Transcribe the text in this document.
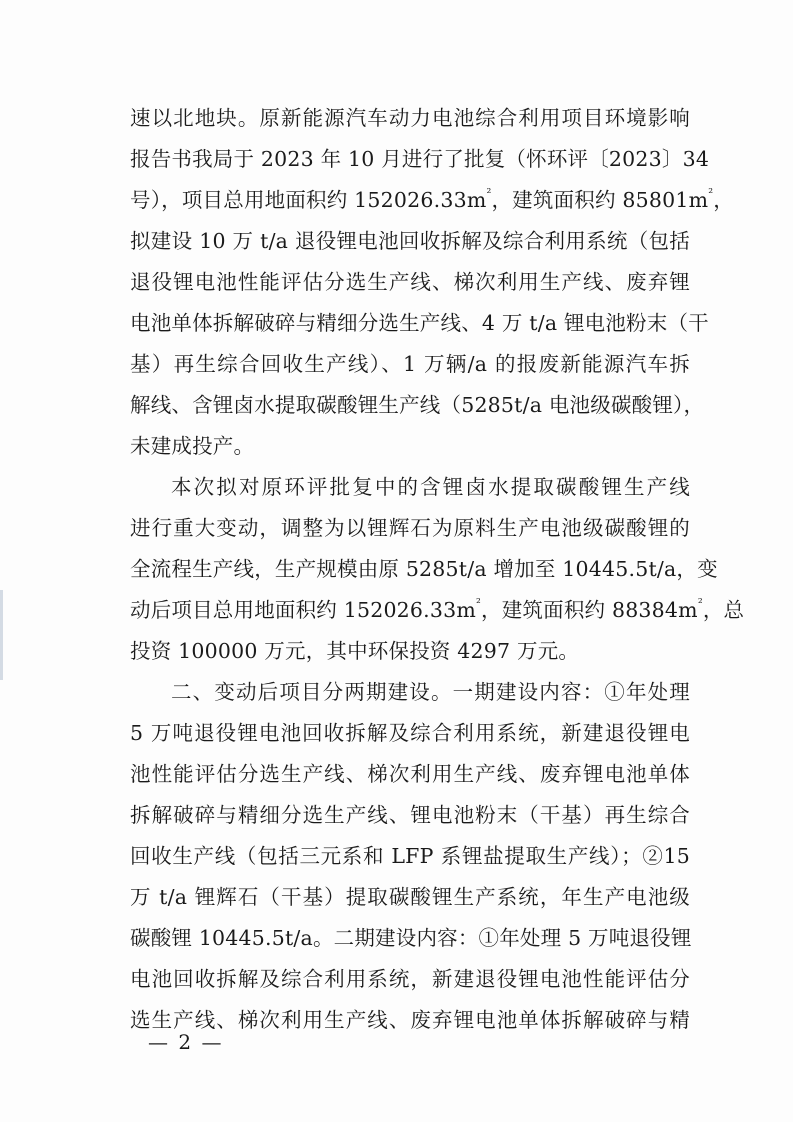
速以北地块。原新能源汽车动力电池综合利用项目环境影响
报告书我局于 2023 年 10 月进行了批复（怀环评〔2023〕34
号），项目总用地面积约 $152026.33m^{^2}$，建筑面积约 $85801m^{^2}$，
拟建设 10 万 t/a 退役锂电池回收拆解及综合利用系统（包括
退役锂电池性能评估分选生产线、梯次利用生产线、废弃锂
电池单体拆解破碎与精细分选生产线、4 万 t/a 锂电池粉末（干
基）再生综合回收生产线）、1 万辆/a 的报废新能源汽车拆
解线、含锂卤水提取碳酸锂生产线（5285t/a 电池级碳酸锂），
未建成投产。
本次拟对原环评批复中的含锂卤水提取碳酸锂生产线
进行重大变动，调整为以锂辉石为原料生产电池级碳酸锂的
全流程生产线，生产规模由原 5285t/a 增加至 10445.5t/a，变
动后项目总用地面积约 $152026.33m^{^2}$，建筑面积约 $88384m^{^2}$，总
投资 100000 万元，其中环保投资 4297 万元。
二、变动后项目分两期建设。一期建设内容：①年处理
5 万吨退役锂电池回收拆解及综合利用系统，新建退役锂电
池性能评估分选生产线、梯次利用生产线、废弃锂电池单体
拆解破碎与精细分选生产线、锂电池粉末（干基）再生综合
回收生产线（包括三元系和 LFP 系锂盐提取生产线）；②15
万 t/a 锂辉石（干基）提取碳酸锂生产系统，年生产电池级
碳酸锂 10445.5t/a。二期建设内容：①年处理 5 万吨退役锂
电池回收拆解及综合利用系统，新建退役锂电池性能评估分
选生产线、梯次利用生产线、废弃锂电池单体拆解破碎与精
— 2 —
